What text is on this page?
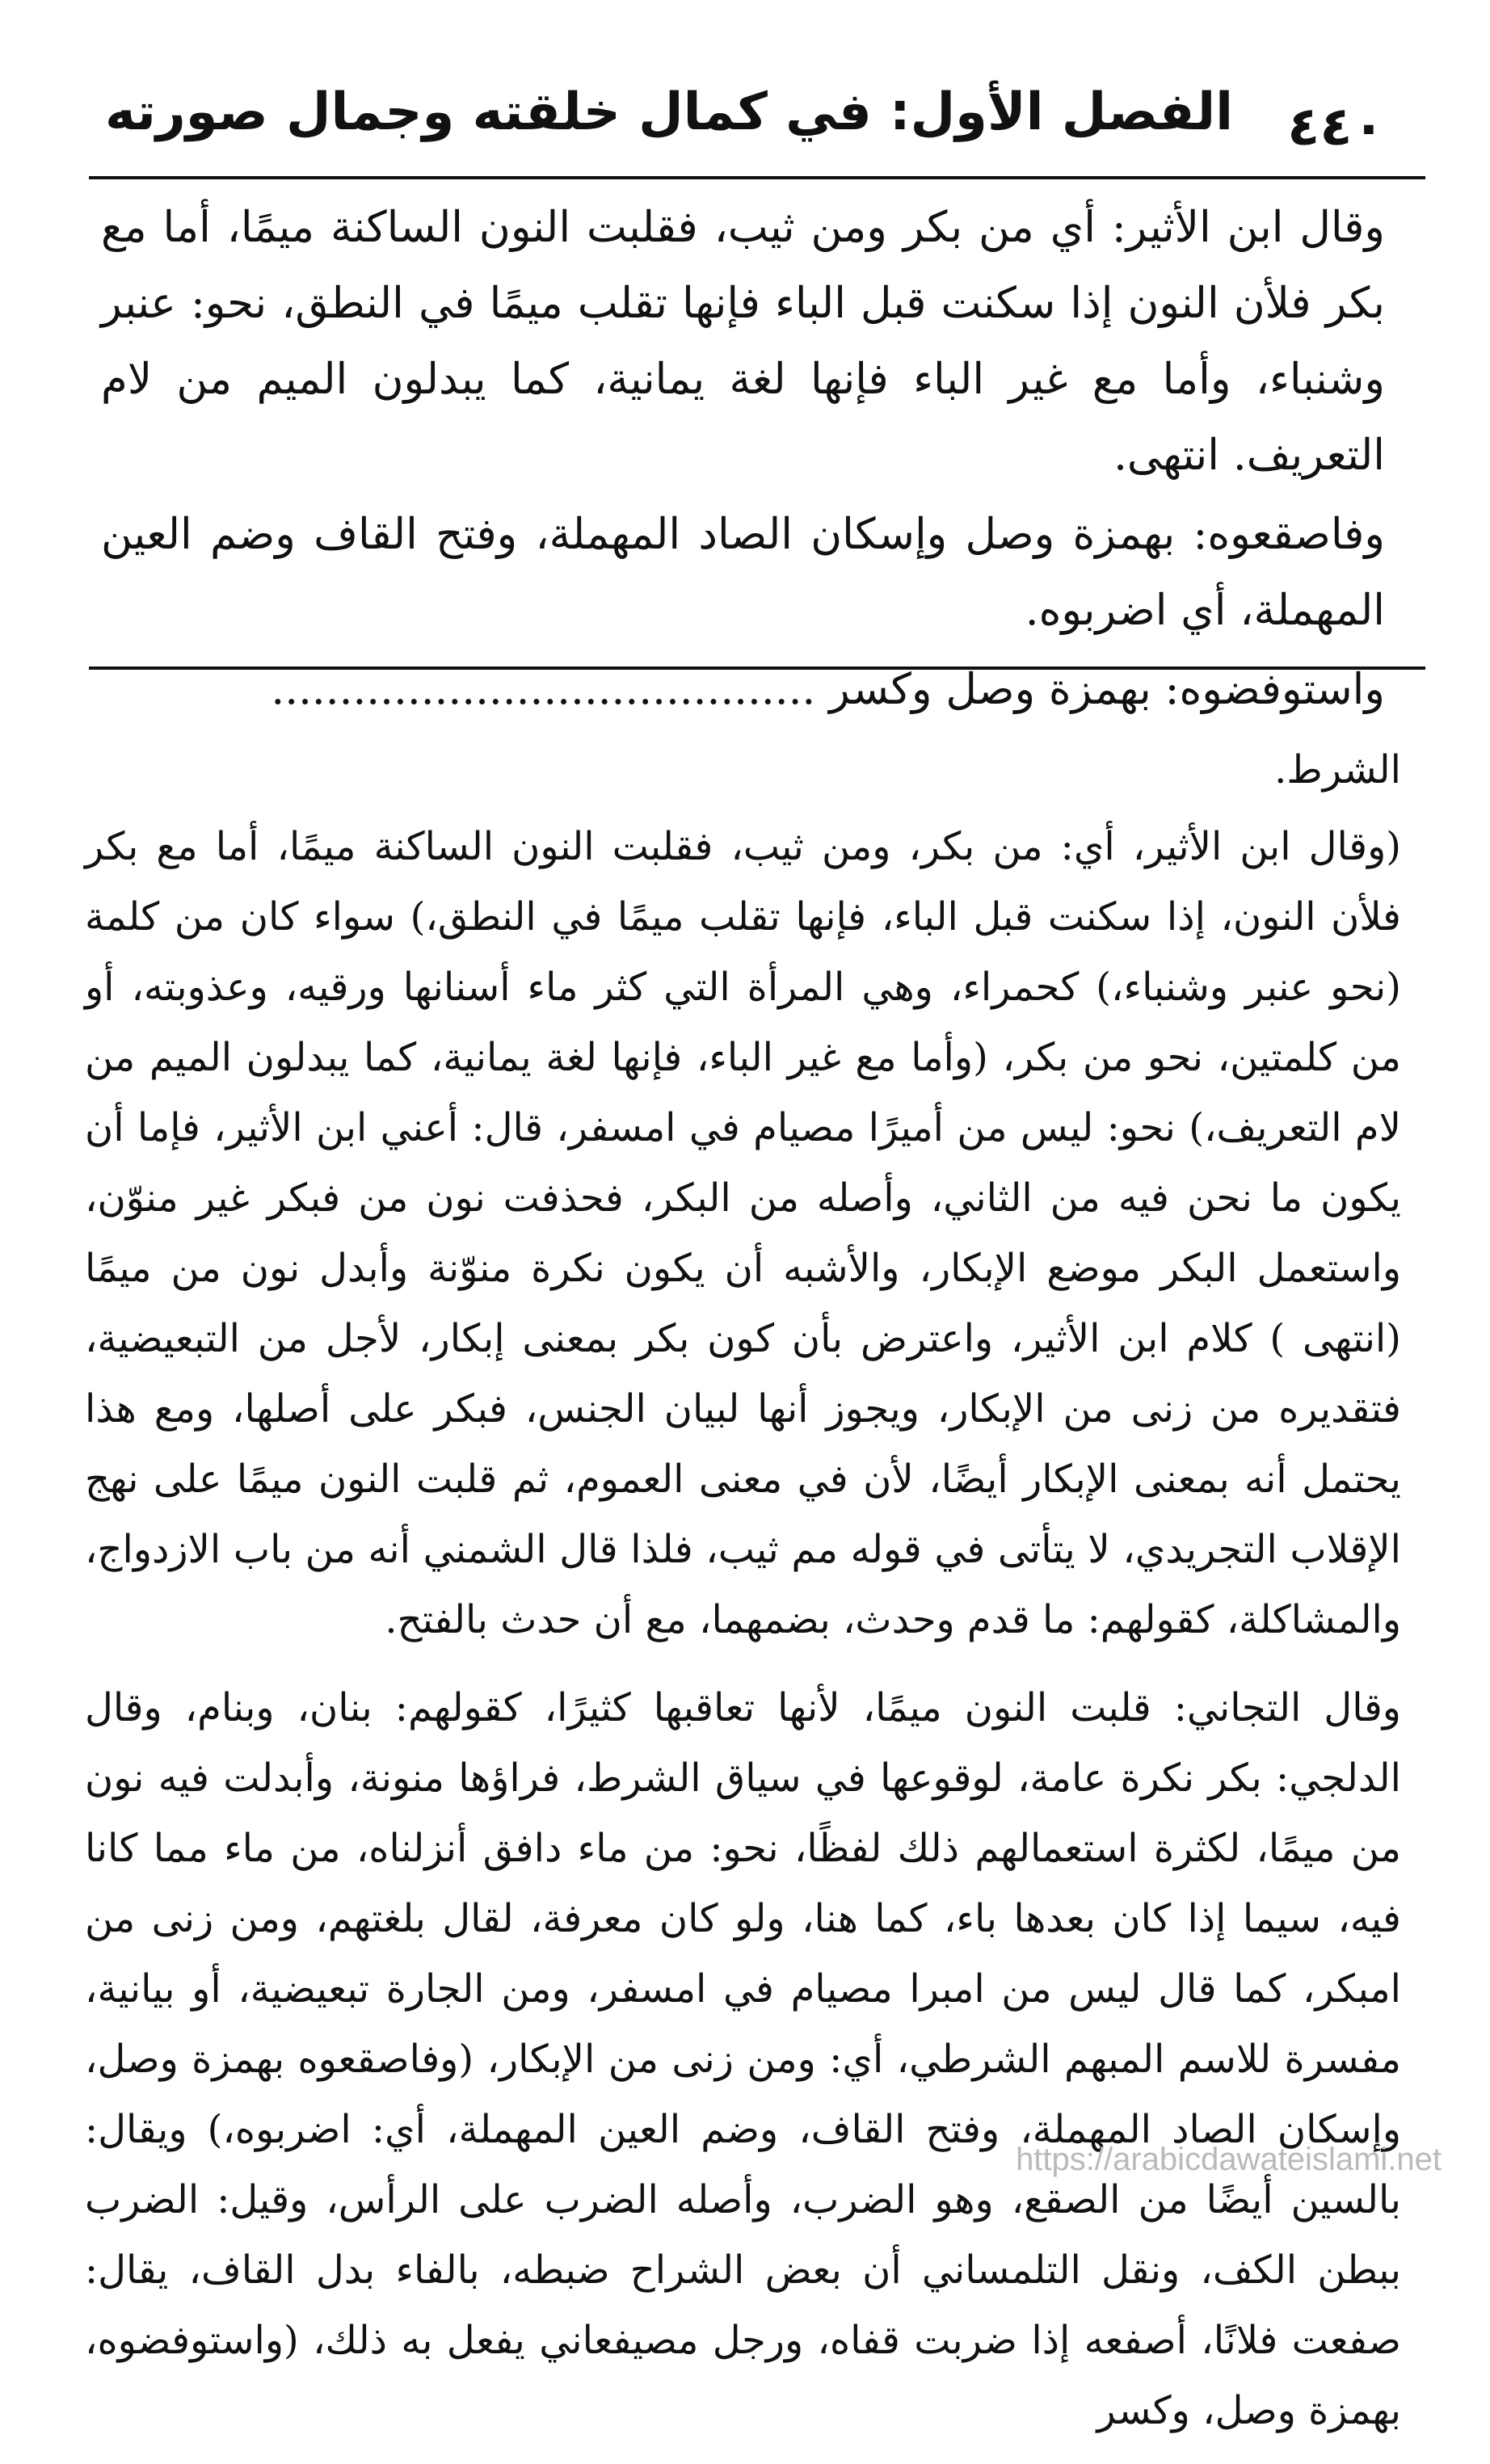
٤٤٠
الفصل الأول: في كمال خلقته وجمال صورته

وقال ابن الأثير: أي من بكر ومن ثيب، فقلبت النون الساكنة ميمًا، أما مع بكر فلأن النون إذا سكنت قبل الباء فإنها تقلب ميمًا في النطق، نحو: عنبر وشنباء، وأما مع غير الباء فإنها لغة يمانية، كما يبدلون الميم من لام التعريف. انتهى.

وفاصقعوه: بهمزة وصل وإسكان الصاد المهملة، وفتح القاف وضم العين المهملة، أي اضربوه.

واستوفضوه: بهمزة وصل وكسر ........................................

الشرط.

(وقال ابن الأثير، أي: من بكر، ومن ثيب، فقلبت النون الساكنة ميمًا، أما مع بكر فلأن النون، إذا سكنت قبل الباء، فإنها تقلب ميمًا في النطق،) سواء كان من كلمة (نحو عنبر وشنباء،) كحمراء، وهي المرأة التي كثر ماء أسنانها ورقيه، وعذوبته، أو من كلمتين، نحو من بكر، (وأما مع غير الباء، فإنها لغة يمانية، كما يبدلون الميم من لام التعريف،) نحو: ليس من أميرًا مصيام في امسفر، قال: أعني ابن الأثير، فإما أن يكون ما نحن فيه من الثاني، وأصله من البكر، فحذفت نون من فبكر غير منوّن، واستعمل البكر موضع الإبكار، والأشبه أن يكون نكرة منوّنة وأبدل نون من ميمًا (انتهى ) كلام ابن الأثير، واعترض بأن كون بكر بمعنى إبكار، لأجل من التبعيضية، فتقديره من زنى من الإبكار، ويجوز أنها لبيان الجنس، فبكر على أصلها، ومع هذا يحتمل أنه بمعنى الإبكار أيضًا، لأن في معنى العموم، ثم قلبت النون ميمًا على نهج الإقلاب التجريدي، لا يتأتى في قوله مم ثيب، فلذا قال الشمني أنه من باب الازدواج، والمشاكلة، كقولهم: ما قدم وحدث، بضمهما، مع أن حدث بالفتح.

وقال التجاني: قلبت النون ميمًا، لأنها تعاقبها كثيرًا، كقولهم: بنان، وبنام، وقال الدلجي: بكر نكرة عامة، لوقوعها في سياق الشرط، فراؤها منونة، وأبدلت فيه نون من ميمًا، لكثرة استعمالهم ذلك لفظًا، نحو: من ماء دافق أنزلناه، من ماء مما كانا فيه، سيما إذا كان بعدها باء، كما هنا، ولو كان معرفة، لقال بلغتهم، ومن زنى من امبكر، كما قال ليس من امبرا مصيام في امسفر، ومن الجارة تبعيضية، أو بيانية، مفسرة للاسم المبهم الشرطي، أي: ومن زنى من الإبكار، (وفاصقعوه بهمزة وصل، وإسكان الصاد المهملة، وفتح القاف، وضم العين المهملة، أي: اضربوه،) ويقال: بالسين أيضًا من الصقع، وهو الضرب، وأصله الضرب على الرأس، وقيل: الضرب ببطن الكف، ونقل التلمساني أن بعض الشراح ضبطه، بالفاء بدل القاف، يقال: صفعت فلانًا، أصفعه إذا ضربت قفاه، ورجل مصيفعاني يفعل به ذلك، (واستوفضوه، بهمزة وصل، وكسر

https://arabicdawateislami.net
